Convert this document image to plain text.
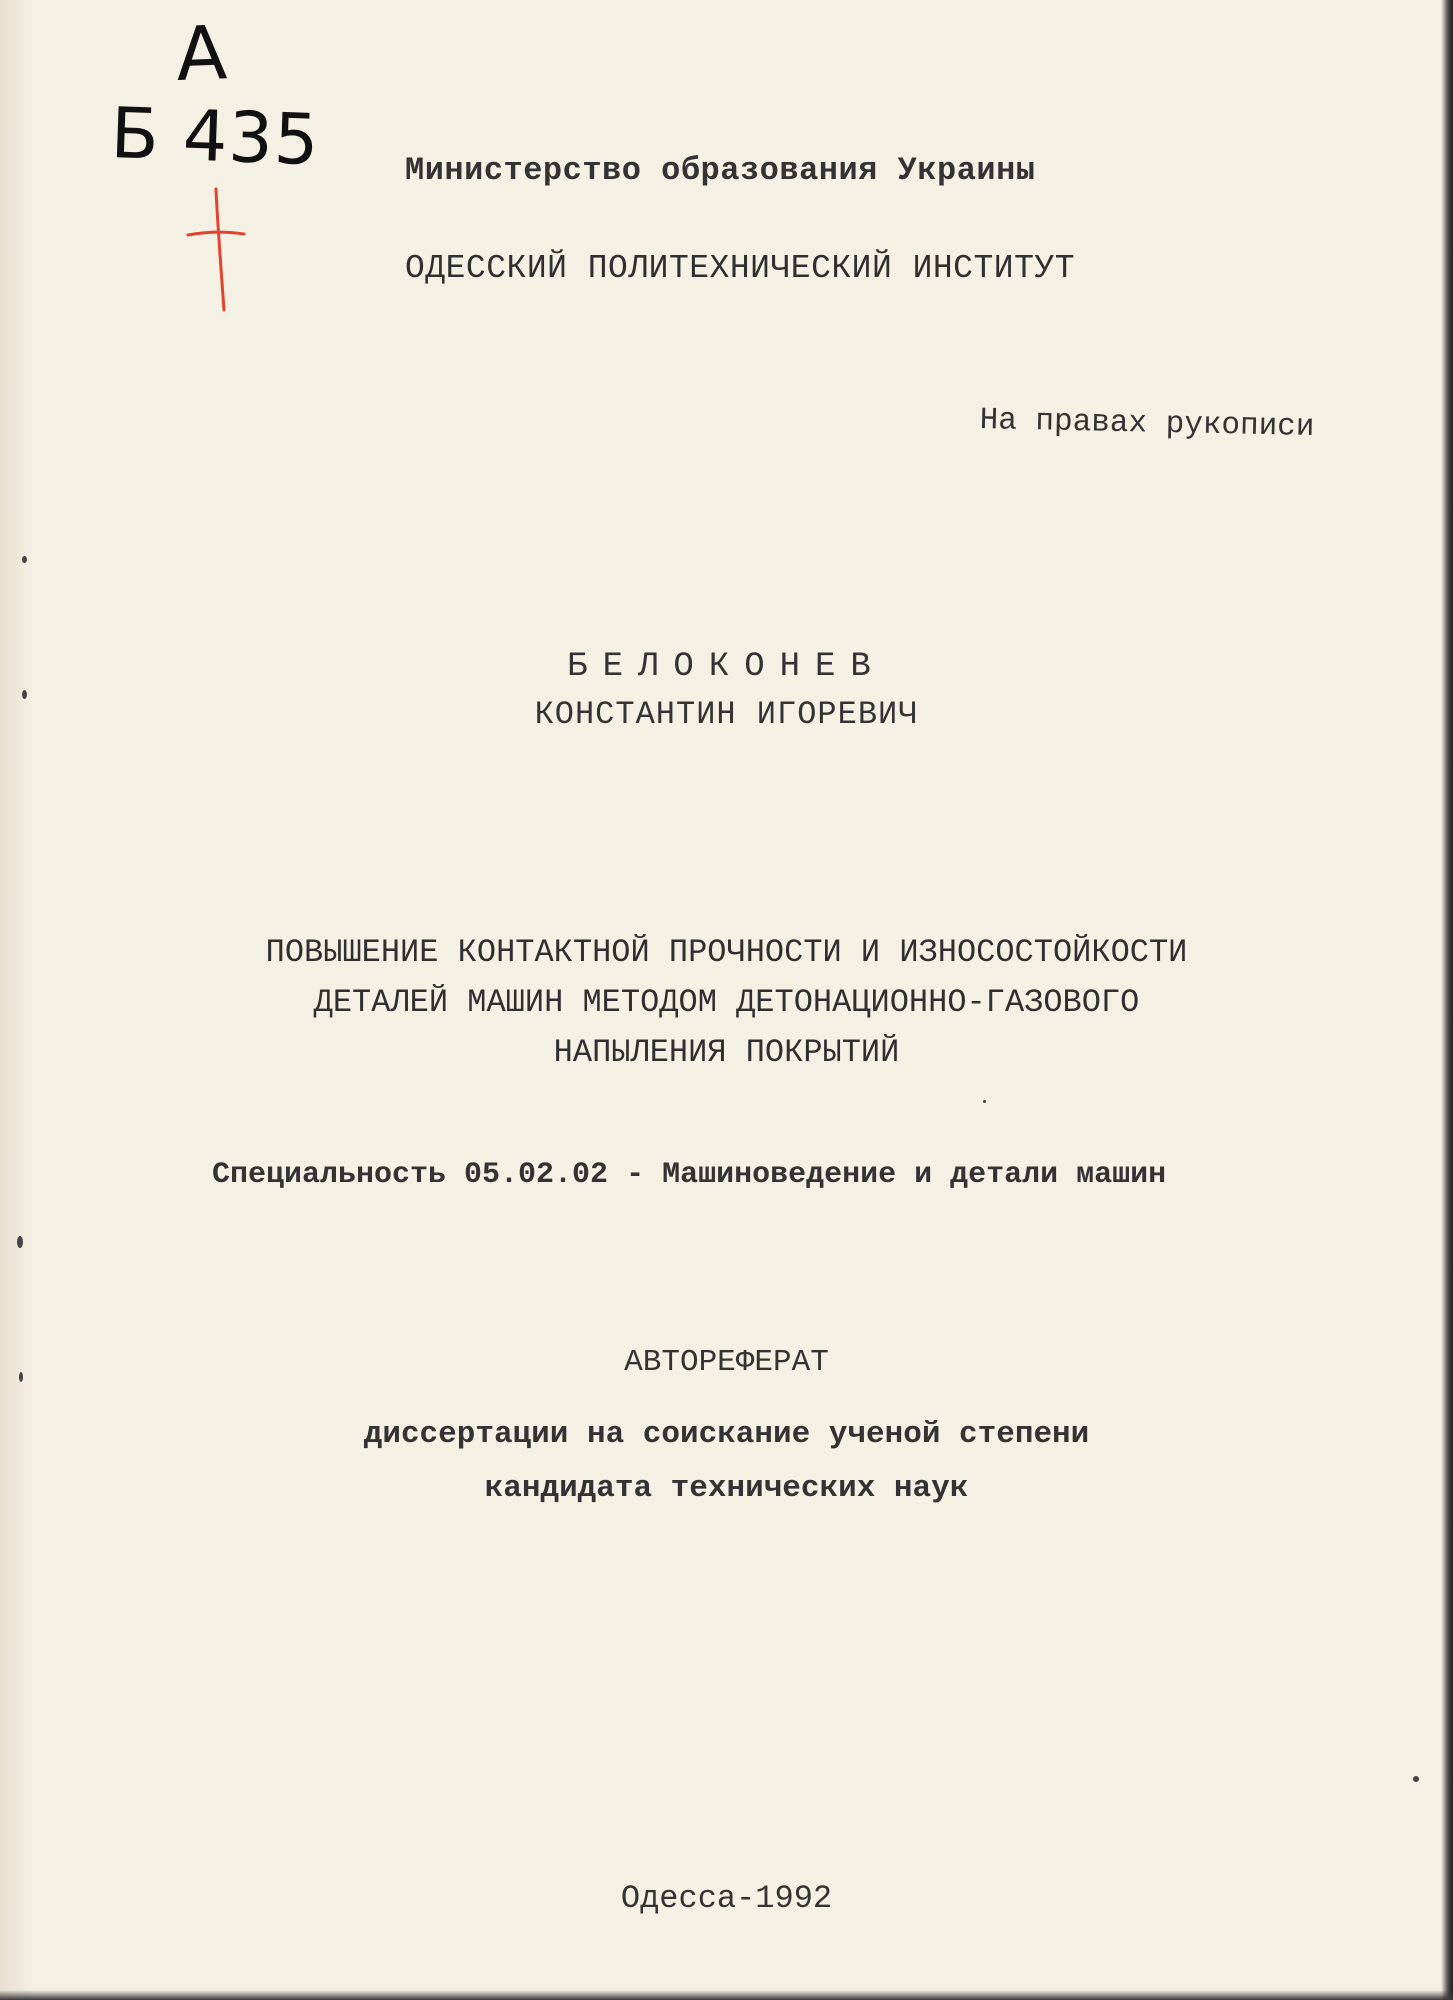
А
Б 435	Министерство образования Украины

ОДЕССКИЙ ПОЛИТЕХНИЧЕСКИЙ ИНСТИТУТ

На правах рукописи

БЕЛОКОНЕВ

КОНСТАНТИН ИГОРЕВИЧ

ПОВЫШЕНИЕ КОНТАКТНОЙ ПРОЧНОСТИ И ИЗНОСОСТОЙКОСТИ
ДЕТАЛЕЙ МАШИН МЕТОДОМ ДЕТОНАЦИОННО-ГАЗОВОГО
НАПЫЛЕНИЯ ПОКРЫТИЙ

Специальность 05.02.02 - Машиноведение и детали машин

АВТОРЕФЕРАТ

диссертации на соискание ученой степени
кандидата технических наук

Одесса-1992
